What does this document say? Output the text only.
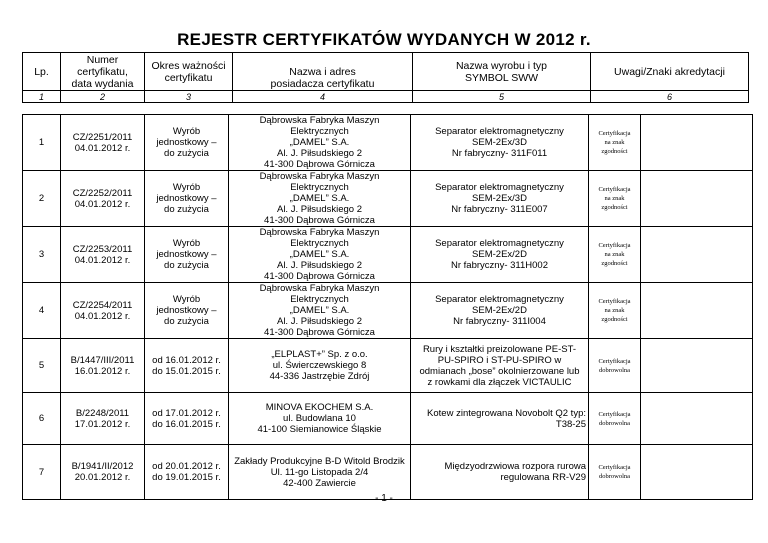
REJESTR CERTYFIKATÓW WYDANYCH W 2012 r.
Lp.	Numer
certyfikatu,
data wydania	Okres ważności
certyfikatu	Nazwa i adres
posiadacza certyfikatu	Nazwa wyrobu i typ
SYMBOL SWW	Uwagi/Znaki akredytacji
1	2	3	4	5	6
1	CZ/2251/2011
04.01.2012 r.	Wyrób
jednostkowy –
do zużycia	Dąbrowska Fabryka Maszyn Elektrycznych
„DAMEL” S.A.
Al. J. Piłsudskiego 2
41-300 Dąbrowa Górnicza	Separator elektromagnetyczny
SEM-2Ex/3D
Nr fabryczny- 311F011	Certyfikacja
na znak
zgodności	
2	CZ/2252/2011
04.01.2012 r.	Wyrób
jednostkowy –
do zużycia	Dąbrowska Fabryka Maszyn Elektrycznych
„DAMEL” S.A.
Al. J. Piłsudskiego 2
41-300 Dąbrowa Górnicza	Separator elektromagnetyczny
SEM-2Ex/3D
Nr fabryczny- 311E007	Certyfikacja
na znak
zgodności	
3	CZ/2253/2011
04.01.2012 r.	Wyrób
jednostkowy –
do zużycia	Dąbrowska Fabryka Maszyn Elektrycznych
„DAMEL” S.A.
Al. J. Piłsudskiego 2
41-300 Dąbrowa Górnicza	Separator elektromagnetyczny
SEM-2Ex/2D
Nr fabryczny- 311H002	Certyfikacja
na znak
zgodności	
4	CZ/2254/2011
04.01.2012 r.	Wyrób
jednostkowy –
do zużycia	Dąbrowska Fabryka Maszyn Elektrycznych
„DAMEL” S.A.
Al. J. Piłsudskiego 2
41-300 Dąbrowa Górnicza	Separator elektromagnetyczny
SEM-2Ex/2D
Nr fabryczny- 311I004	Certyfikacja
na znak
zgodności	
5	B/1447/III/2011
16.01.2012 r.	od 16.01.2012 r.
do 15.01.2015 r.	„ELPLAST+” Sp. z o.o.
ul. Świerczewskiego 8
44-336 Jastrzębie Zdrój	Rury i kształtki preizolowane PE-ST-
PU-SPIRO i ST-PU-SPIRO w
odmianach „bose” okolnierzowane lub
z rowkami dla złączek VICTAULIC	Certyfikacja
dobrowolna	
6	B/2248/2011
17.01.2012 r.	od 17.01.2012 r.
do 16.01.2015 r.	MINOVA EKOCHEM S.A.
ul. Budowlana 10
41-100 Siemianowice Śląskie	Kotew zintegrowana Novobolt Q2 typ:
T38-25	Certyfikacja
dobrowolna	
7	B/1941/II/2012
20.01.2012 r.	od 20.01.2012 r.
do 19.01.2015 r.	Zakłady Produkcyjne B-D Witold Brodzik
Ul. 11-go Listopada 2/4
42-400 Zawiercie	Międzyodrzwiowa rozpora rurowa
regulowana RR-V29	Certyfikacja
dobrowolna	
- 1 -
